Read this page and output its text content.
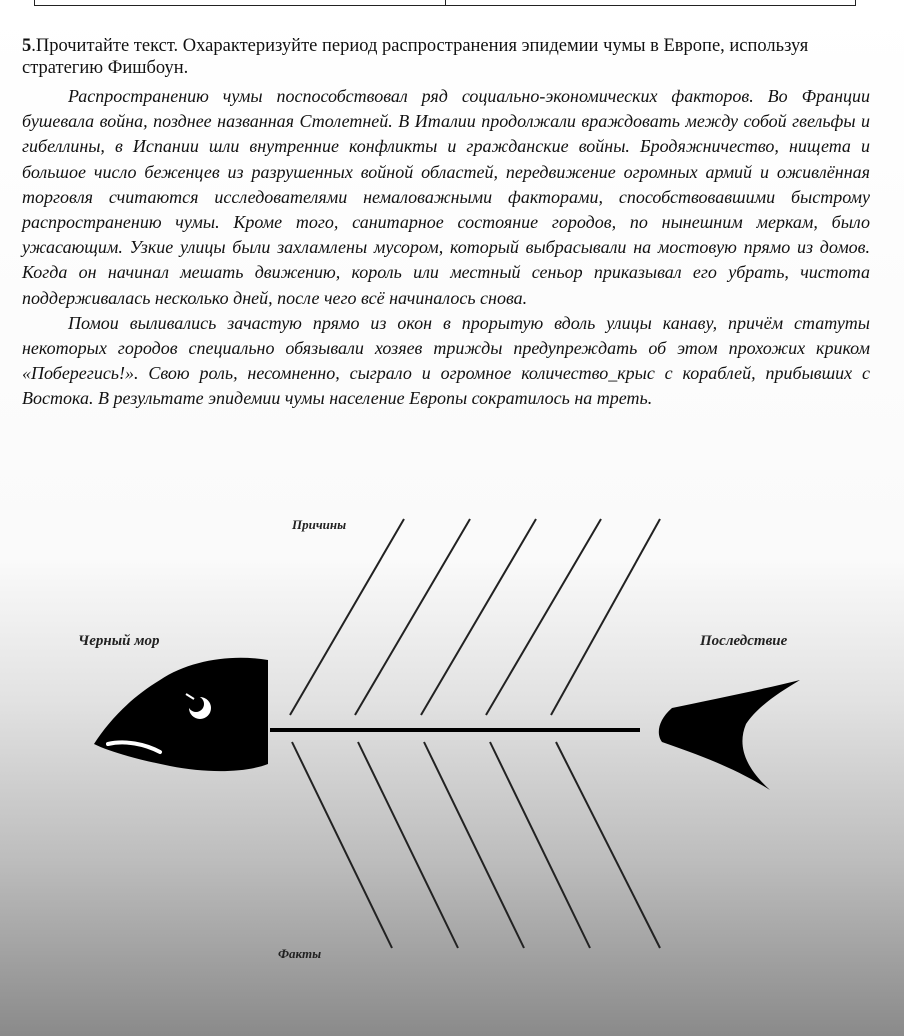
5.Прочитайте текст. Охарактеризуйте период распространения эпидемии чумы в Европе, используя стратегию Фишбоун.

Распространению чумы поспособствовал ряд социально-экономических факторов. Во Франции бушевала война, позднее названная Столетней. В Италии продолжали враждовать между собой гвельфы и гибеллины, в Испании шли внутренние конфликты и гражданские войны. Бродяжничество, нищета и большое число беженцев из разрушенных войной областей, передвижение огромных армий и оживлённая торговля считаются исследователями немаловажными факторами, способствовавшими быстрому распространению чумы. Кроме того, санитарное состояние городов, по нынешним меркам, было ужасающим. Узкие улицы были захламлены мусором, который выбрасывали на мостовую прямо из домов. Когда он начинал мешать движению, король или местный сеньор приказывал его убрать, чистота поддерживалась несколько дней, после чего всё начиналось снова.

Помои выливались зачастую прямо из окон в прорытую вдоль улицы канаву, причём статуты некоторых городов специально обязывали хозяев трижды предупреждать об этом прохожих криком «Поберегись!». Свою роль, несомненно, сыграло и огромное количество_крыс с кораблей, прибывших с Востока. В результате эпидемии чумы население Европы сократилось на треть.

Причины
Черный мор	Последствие
Факты
